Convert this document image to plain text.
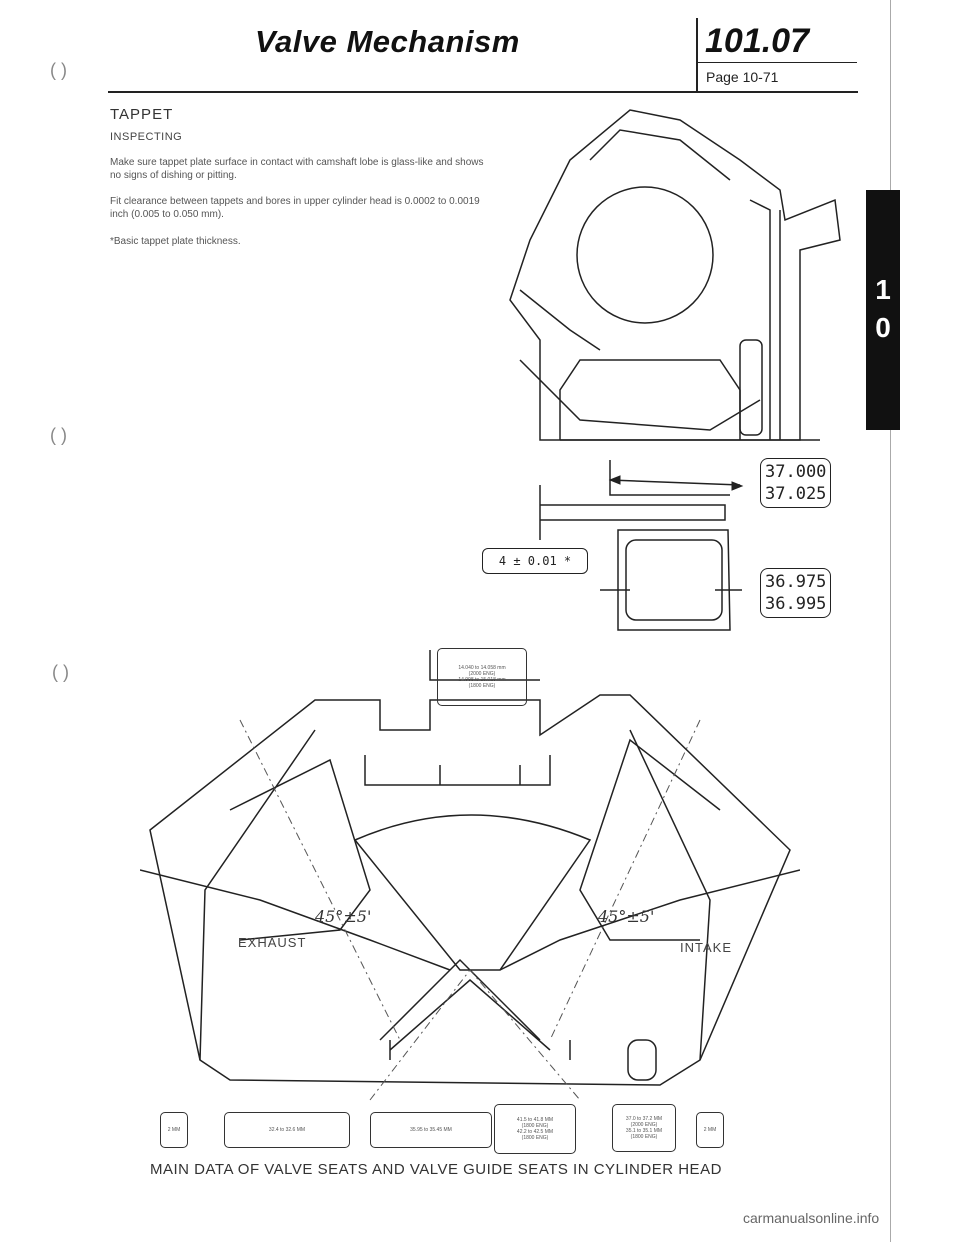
Valve Mechanism	101.07
Page 10-71
( )
( )
( )
TAPPET
INSPECTING

Make sure tappet plate surface in contact with camshaft lobe is glass-like and shows no signs of dishing or pitting.

Fit clearance between tappets and bores in upper cylinder head is 0.0002 to 0.0019 inch (0.005 to 0.050 mm).

*Basic tappet plate thickness.

1
0
37.000
37.025
36.975
36.995
4 ± 0.01 *
14.040 to 14.058 mm
(2000 ENG)
14.998 to 15.018 mm
(1800 ENG)
EXHAUST	INTAKE
45°±5'	45°±5'
2 MM	32.4 to 32.6 MM	35.95 to 35.45 MM
41.5 to 41.8 MM
(1800 ENG)
42.2 to 42.5 MM
(1800 ENG)
37.0 to 37.2 MM
(2000 ENG)
35.1 to 35.1 MM
(1800 ENG)
2 MM
MAIN DATA OF VALVE SEATS AND VALVE GUIDE SEATS IN CYLINDER HEAD
carmanualsonline.info
